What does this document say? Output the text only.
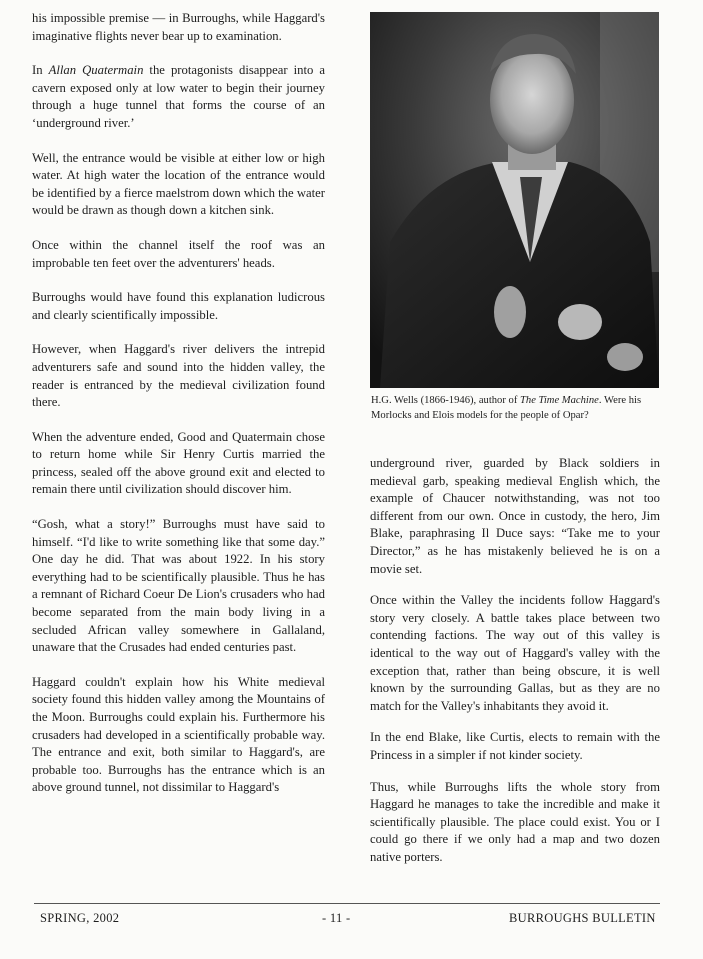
his impossible premise — in Burroughs, while Haggard's imaginative flights never bear up to examination.

In Allan Quatermain the protagonists disappear into a cavern exposed only at low water to begin their journey through a huge tunnel that forms the course of an ‘underground river.’

Well, the entrance would be visible at either low or high water. At high water the location of the entrance would be identified by a fierce maelstrom down which the water would be drawn as though down a kitchen sink.

Once within the channel itself the roof was an improbable ten feet over the adventurers' heads.

Burroughs would have found this explanation ludicrous and clearly scientifically impossible.

However, when Haggard's river delivers the intrepid adventurers safe and sound into the hidden valley, the reader is entranced by the medieval civilization found there.

When the adventure ended, Good and Quatermain chose to return home while Sir Henry Curtis married the princess, sealed off the above ground exit and elected to remain there until civilization should discover him.

“Gosh, what a story!” Burroughs must have said to himself. “I'd like to write something like that some day.” One day he did. That was about 1922. In his story everything had to be scientifically plausible. Thus he has a remnant of Richard Coeur De Lion's crusaders who had become separated from the main body living in a secluded African valley somewhere in Gallaland, unaware that the Crusades had ended centuries past.

Haggard couldn't explain how his White medieval society found this hidden valley among the Mountains of the Moon. Burroughs could explain his. Furthermore his crusaders had developed in a scientifically probable way. The entrance and exit, both similar to Haggard's, are probable too. Burroughs has the entrance which is an above ground tunnel, not dissimilar to Haggard's

H.G. Wells (1866-1946), author of The Time Machine. Were his Morlocks and Elois models for the people of Opar?

underground river, guarded by Black soldiers in medieval garb, speaking medieval English which, the example of Chaucer notwithstanding, was not too different from our own. Once in custody, the hero, Jim Blake, paraphrasing Il Duce says: “Take me to your Director,” as he has mistakenly believed he is on a movie set.

Once within the Valley the incidents follow Haggard's story very closely. A battle takes place between two contending factions. The way out of this valley is identical to the way out of Haggard's valley with the exception that, rather than being obscure, it is well known by the surrounding Gallas, but as they are no match for the Valley's inhabitants they avoid it.

In the end Blake, like Curtis, elects to remain with the Princess in a simpler if not kinder society.

Thus, while Burroughs lifts the whole story from Haggard he manages to take the incredible and make it scientifically plausible. The place could exist. You or I could go there if we only had a map and two dozen native porters.

SPRING, 2002	- 11 -	BURROUGHS BULLETIN
